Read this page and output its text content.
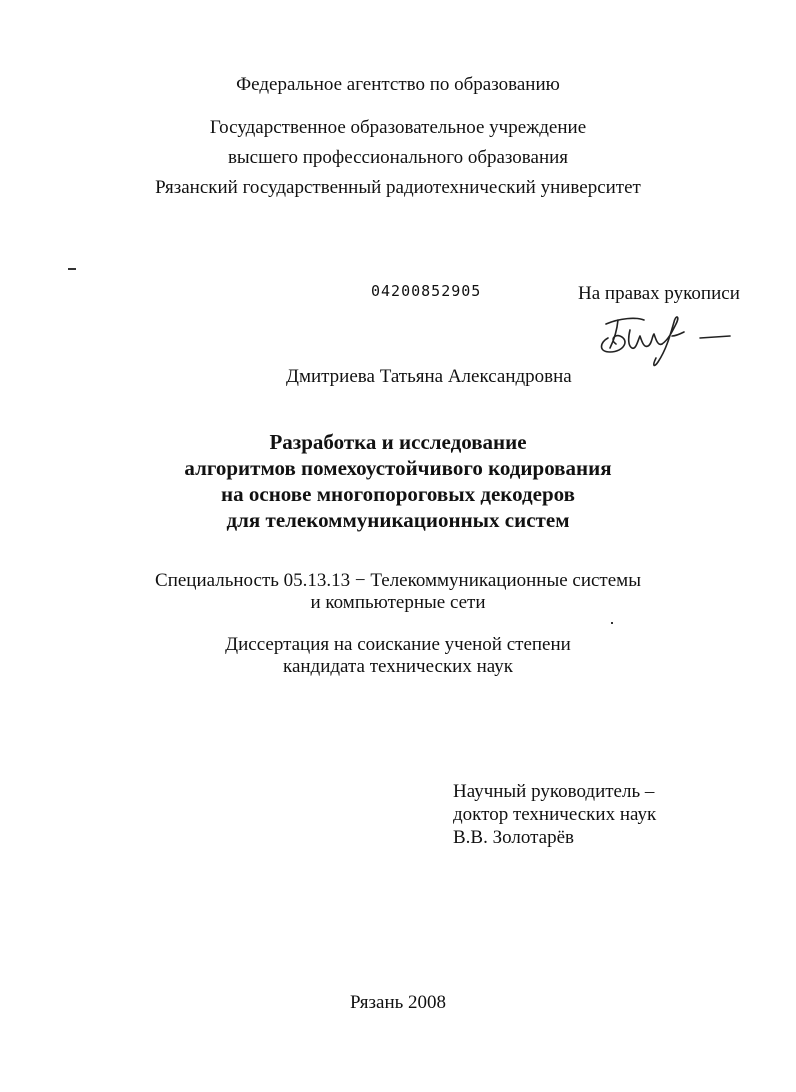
Федеральное агентство по образованию
Государственное образовательное учреждение
высшего профессионального образования
Рязанский государственный радиотехнический университет
04200852905	На правах рукописи
Дмитриева Татьяна Александровна
Разработка и исследование
алгоритмов помехоустойчивого кодирования
на основе многопороговых декодеров
для телекоммуникационных систем
Специальность 05.13.13 − Телекоммуникационные системы
и компьютерные сети
Диссертация на соискание ученой степени
кандидата технических наук
Научный руководитель –
доктор технических наук
В.В. Золотарёв
Рязань 2008
